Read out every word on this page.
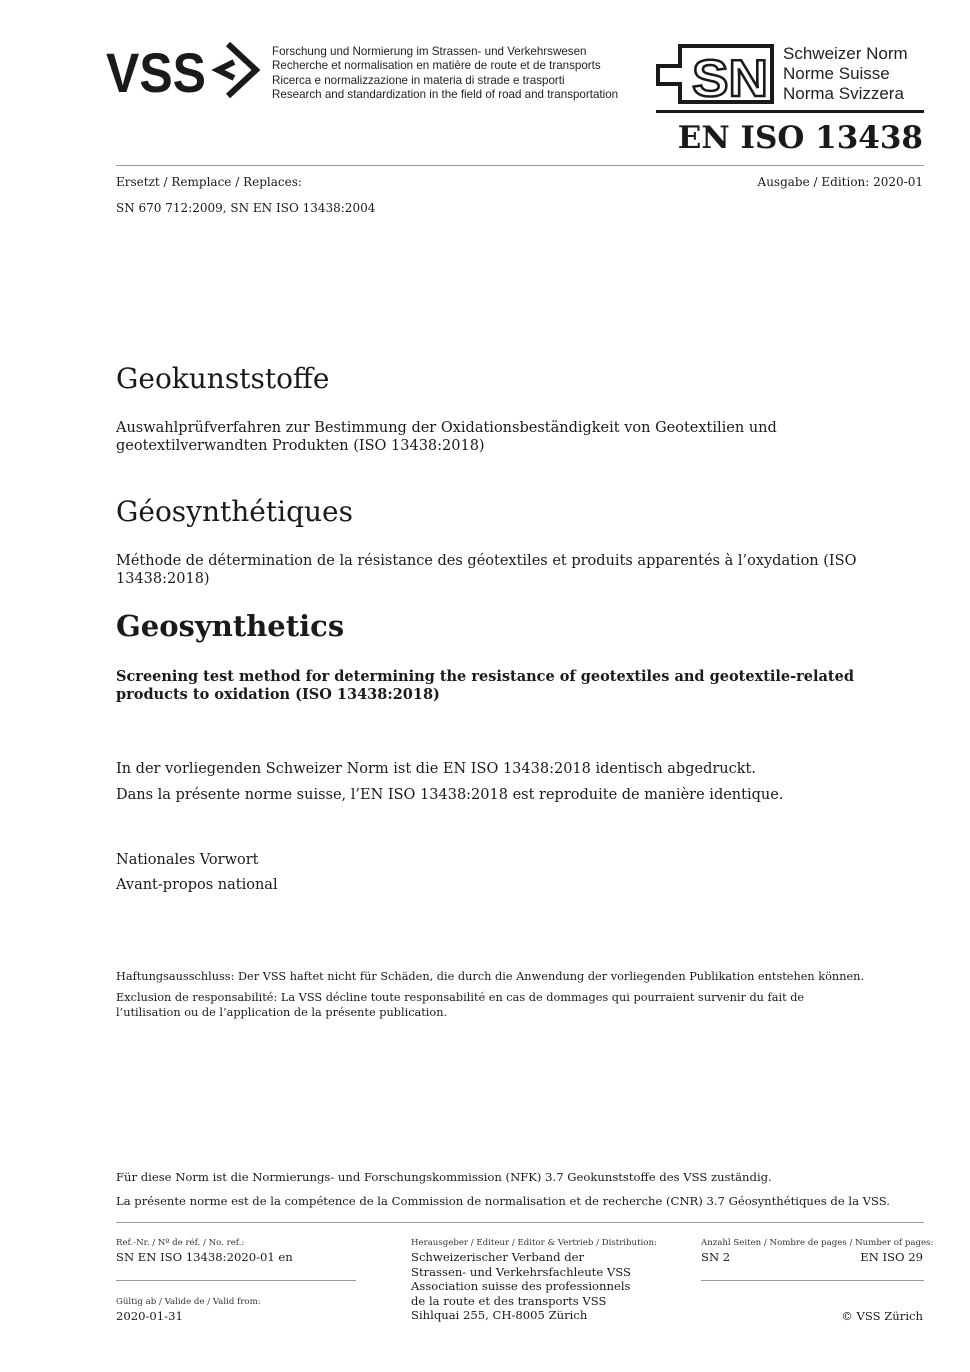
VSS	Forschung und Normierung im Strassen- und Verkehrswesen
Recherche et normalisation en matière de route et de transports
Ricerca e normalizzazione in materia di strade e trasporti
Research and standardization in the field of road and transportation SN Schweizer Norm
Norme Suisse
Norma Svizzera
EN ISO 13438
Ersetzt / Remplace / Replaces:	Ausgabe / Edition: 2020-01
SN 670 712:2009, SN EN ISO 13438:2004
Geokunststoffe
Auswahlprüfverfahren zur Bestimmung der Oxidationsbeständigkeit von Geotextilien und geotextilverwandten Produkten (ISO 13438:2018)
Géosynthétiques
Méthode de détermination de la résistance des géotextiles et produits apparentés à l’oxydation (ISO 13438:2018)
Geosynthetics
Screening test method for determining the resistance of geotextiles and geotextile-related products to oxidation (ISO 13438:2018)
In der vorliegenden Schweizer Norm ist die EN ISO 13438:2018 identisch abgedruckt.
Dans la présente norme suisse, l’EN ISO 13438:2018 est reproduite de manière identique.
Nationales Vorwort
Avant-propos national
Haftungsausschluss: Der VSS haftet nicht für Schäden, die durch die Anwendung der vorliegenden Publikation entstehen können.
Exclusion de responsabilité: La VSS décline toute responsabilité en cas de dommages qui pourraient survenir du fait de l’utilisation ou de l’application de la présente publication.
Für diese Norm ist die Normierungs- und Forschungskommission (NFK) 3.7 Geokunststoffe des VSS zuständig.
La présente norme est de la compétence de la Commission de normalisation et de recherche (CNR) 3.7 Géosynthétiques de la VSS.
Ref.-Nr. / Nº de réf. / No. ref.:
SN EN ISO 13438:2020-01 en
Gültig ab / Valide de / Valid from:
2020-01-31
Herausgeber / Editeur / Editor & Vertrieb / Distribution:
Schweizerischer Verband der
Strassen- und Verkehrsfachleute VSS
Association suisse des professionnels
de la route et des transports VSS
Sihlquai 255, CH-8005 Zürich
Anzahl Seiten / Nombre de pages / Number of pages:
SN 2	EN ISO 29
© VSS Zürich
